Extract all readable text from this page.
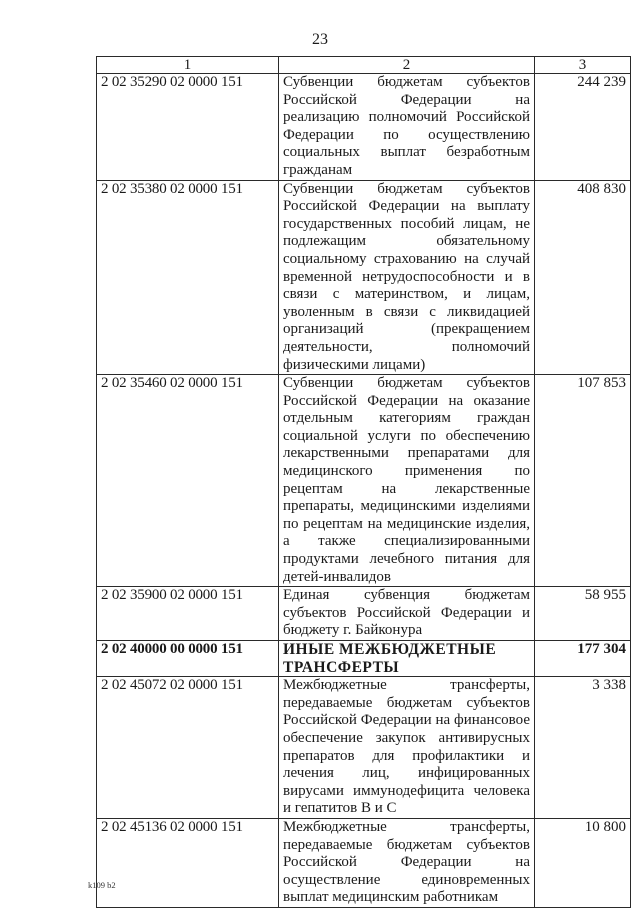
23
1	2	3
2 02 35290 02 0000 151	Субвенции бюджетам субъектов Российской Федерации на реализацию полномочий Российской Федерации по осуществлению социальных выплат безработным гражданам	244 239
2 02 35380 02 0000 151	Субвенции бюджетам субъектов Российской Федерации на выплату государственных пособий лицам, не подлежащим обязательному социальному страхованию на случай временной нетрудоспособности и в связи с материнством, и лицам, уволенным в связи с ликвидацией организаций (прекращением деятельности, полномочий физическими лицами)	408 830
2 02 35460 02 0000 151	Субвенции бюджетам субъектов Российской Федерации на оказание отдельным категориям граждан социальной услуги по обеспечению лекарственными препаратами для медицинского применения по рецептам на лекарственные препараты, медицинскими изделиями по рецептам на медицинские изделия, а также специализированными продуктами лечебного питания для детей-инвалидов	107 853
2 02 35900 02 0000 151	Единая субвенция бюджетам субъектов Российской Федерации и бюджету г. Байконура	58 955
2 02 40000 00 0000 151	ИНЫЕ МЕЖБЮДЖЕТНЫЕ ТРАНСФЕРТЫ	177 304
2 02 45072 02 0000 151	Межбюджетные трансферты, передаваемые бюджетам субъектов Российской Федерации на финансовое обеспечение закупок антивирусных препаратов для профилактики и лечения лиц, инфицированных вирусами иммунодефицита человека и гепатитов В и С	3 338
2 02 45136 02 0000 151	Межбюджетные трансферты, передаваемые бюджетам субъектов Российской Федерации на осуществление единовременных выплат медицинским работникам	10 800
k109 b2
